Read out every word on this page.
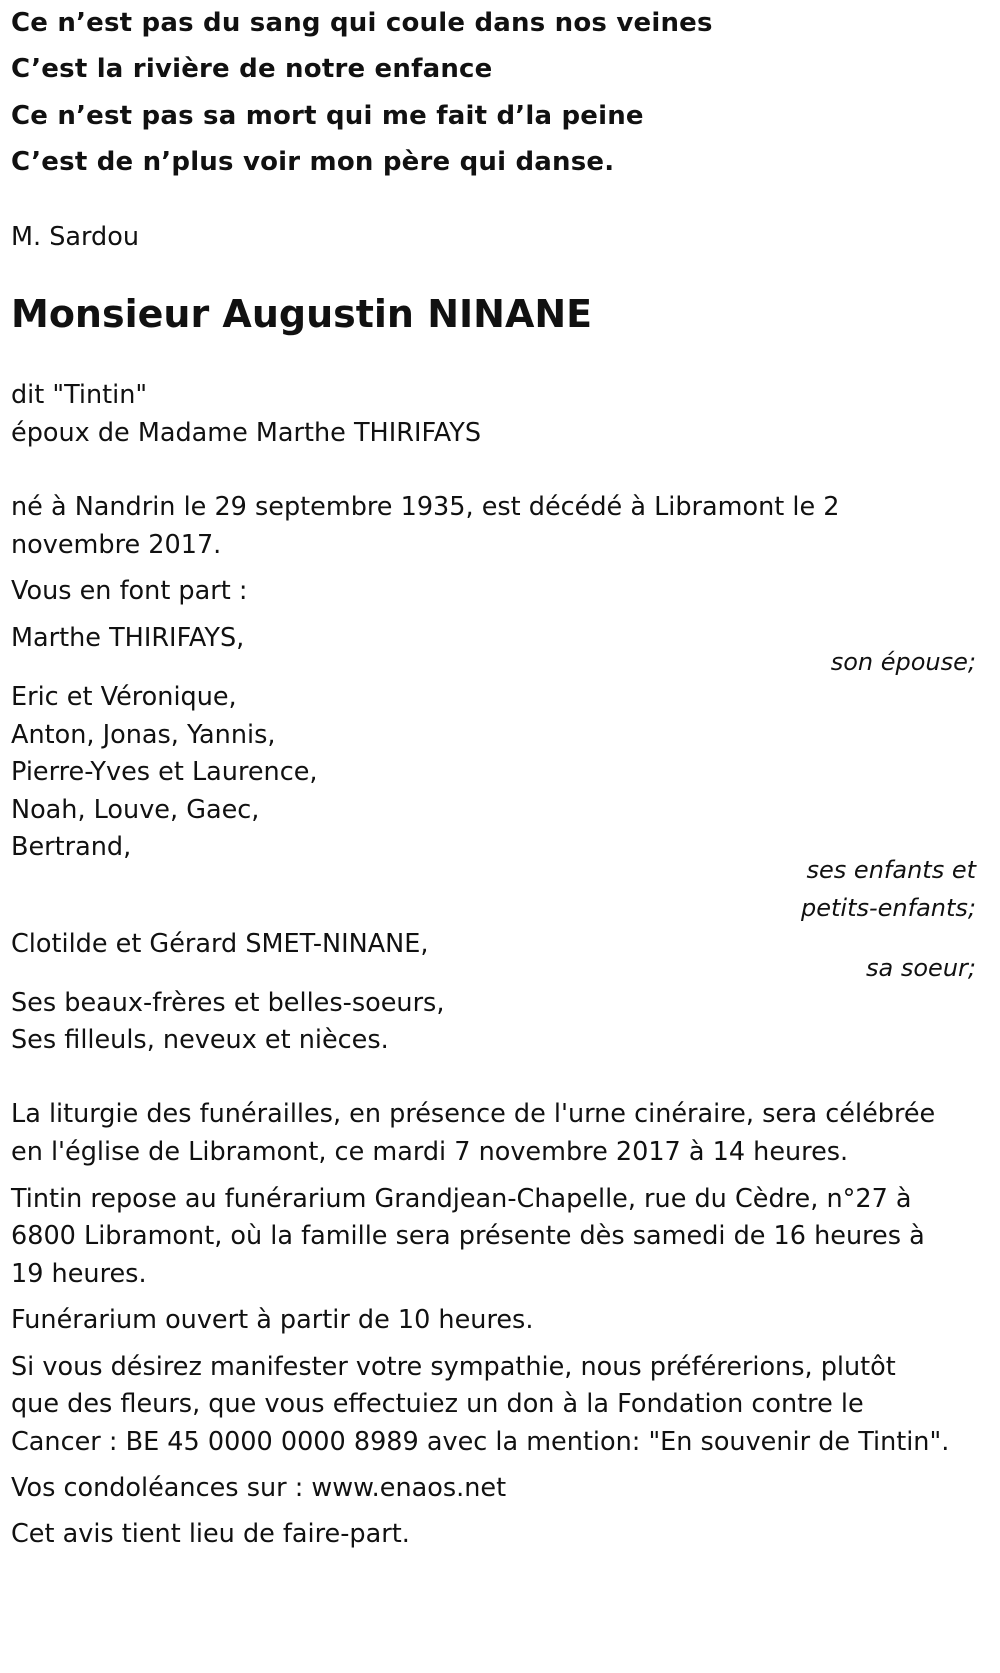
Ce n’est pas du sang qui coule dans nos veines
C’est la rivière de notre enfance
Ce n’est pas sa mort qui me fait d’la peine
C’est de n’plus voir mon père qui danse.
M. Sardou
Monsieur Augustin NINANE
dit "Tintin"
époux de Madame Marthe THIRIFAYS
né à Nandrin le 29 septembre 1935, est décédé à Libramont le 2
novembre 2017.
Vous en font part :
Marthe THIRIFAYS,
son épouse;
Eric et Véronique,
Anton, Jonas, Yannis,
Pierre-Yves et Laurence,
Noah, Louve, Gaec,
Bertrand,
ses enfants et
petits-enfants;
Clotilde et Gérard SMET-NINANE,
sa soeur;
Ses beaux-frères et belles-soeurs,
Ses filleuls, neveux et nièces.
La liturgie des funérailles, en présence de l'urne cinéraire, sera célébrée
en l'église de Libramont, ce mardi 7 novembre 2017 à 14 heures.
Tintin repose au funérarium Grandjean-Chapelle, rue du Cèdre, n°27 à
6800 Libramont, où la famille sera présente dès samedi de 16 heures à
19 heures.
Funérarium ouvert à partir de 10 heures.
Si vous désirez manifester votre sympathie, nous préférerions, plutôt
que des fleurs, que vous effectuiez un don à la Fondation contre le
Cancer : BE 45 0000 0000 8989 avec la mention: "En souvenir de Tintin".
Vos condoléances sur : www.enaos.net
Cet avis tient lieu de faire-part.
